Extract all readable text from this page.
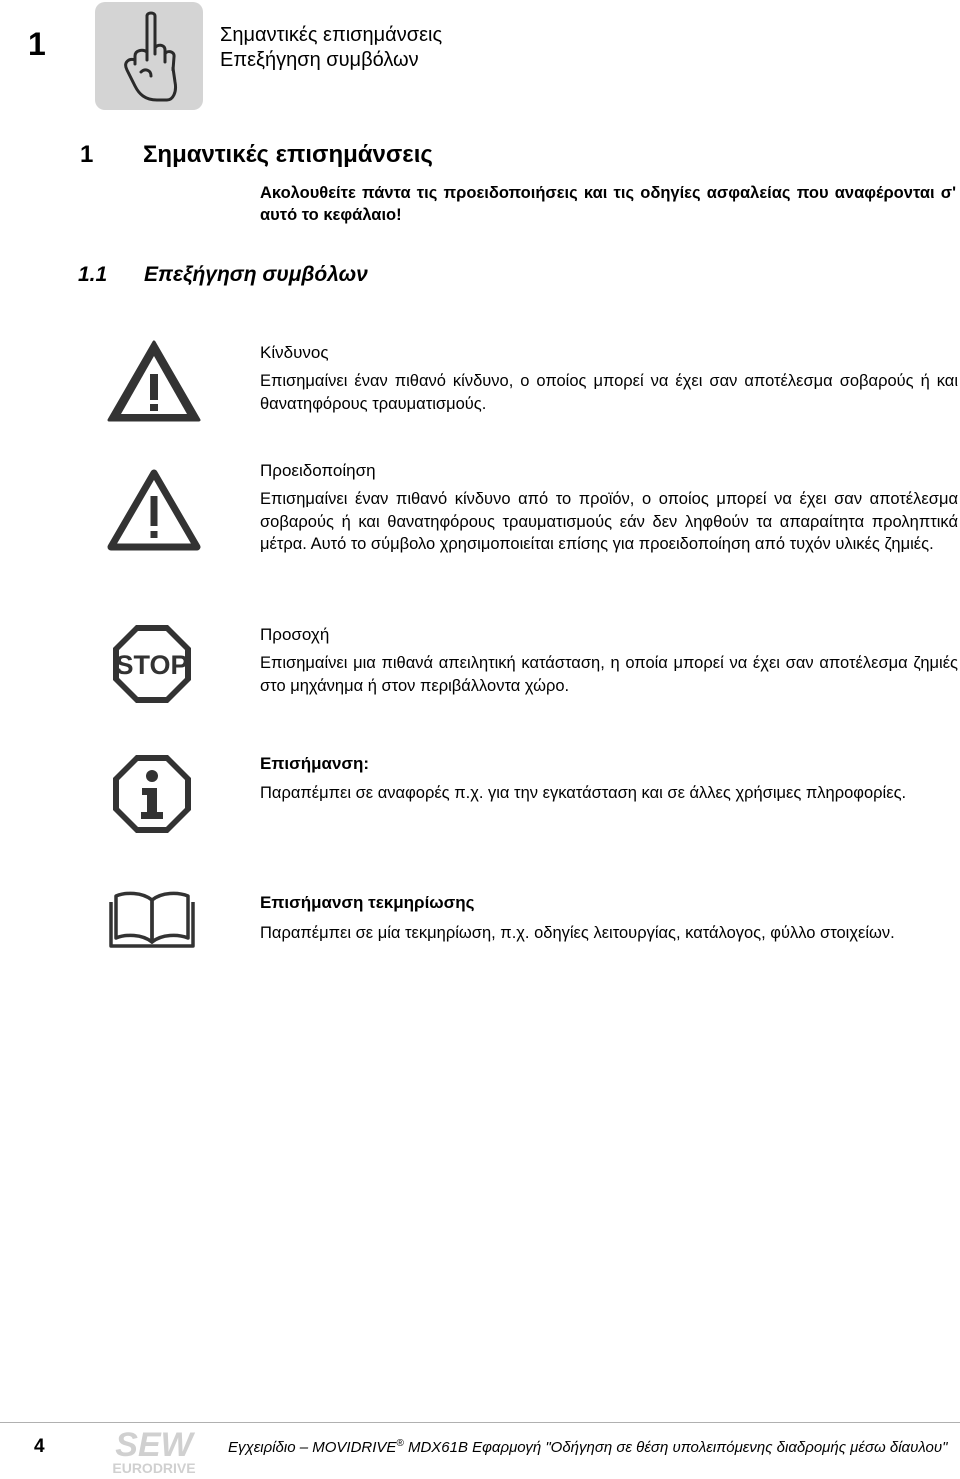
1	Σημαντικές επισημάνσεις
Επεξήγηση συμβόλων
1 Σημαντικές επισημάνσεις
Ακολουθείτε πάντα τις προειδοποιήσεις και τις οδηγίες ασφαλείας που αναφέρονται σ' αυτό το κεφάλαιο!
1.1 Επεξήγηση συμβόλων
Κίνδυνος
Επισημαίνει έναν πιθανό κίνδυνο, ο οποίος μπορεί να έχει σαν αποτέλεσμα σοβαρούς ή και θανατηφόρους τραυματισμούς.
Προειδοποίηση
Επισημαίνει έναν πιθανό κίνδυνο από το προϊόν, ο οποίος μπορεί να έχει σαν αποτέλεσμα σοβαρούς ή και θανατηφόρους τραυματισμούς εάν δεν ληφθούν τα απαραίτητα προληπτικά μέτρα. Αυτό το σύμβολο χρησιμοποιείται επίσης για προειδοποίηση από τυχόν υλικές ζημιές.
STOP
Προσοχή
Επισημαίνει μια πιθανά απειλητική κατάσταση, η οποία μπορεί να έχει σαν αποτέλεσμα ζημιές στο μηχάνημα ή στον περιβάλλοντα χώρο.
Επισήμανση:
Παραπέμπει σε αναφορές π.χ. για την εγκατάσταση και σε άλλες χρήσιμες πληροφορίες.
Επισήμανση τεκμηρίωσης
Παραπέμπει σε μία τεκμηρίωση, π.χ. οδηγίες λειτουργίας, κατάλογος, φύλλο στοιχείων.
4 SEW
EURODRIVE
Εγχειρίδιο – MOVIDRIVE® MDX61B Εφαρμογή "Οδήγηση σε θέση υπολειπόμενης διαδρομής μέσω δίαυλου"
